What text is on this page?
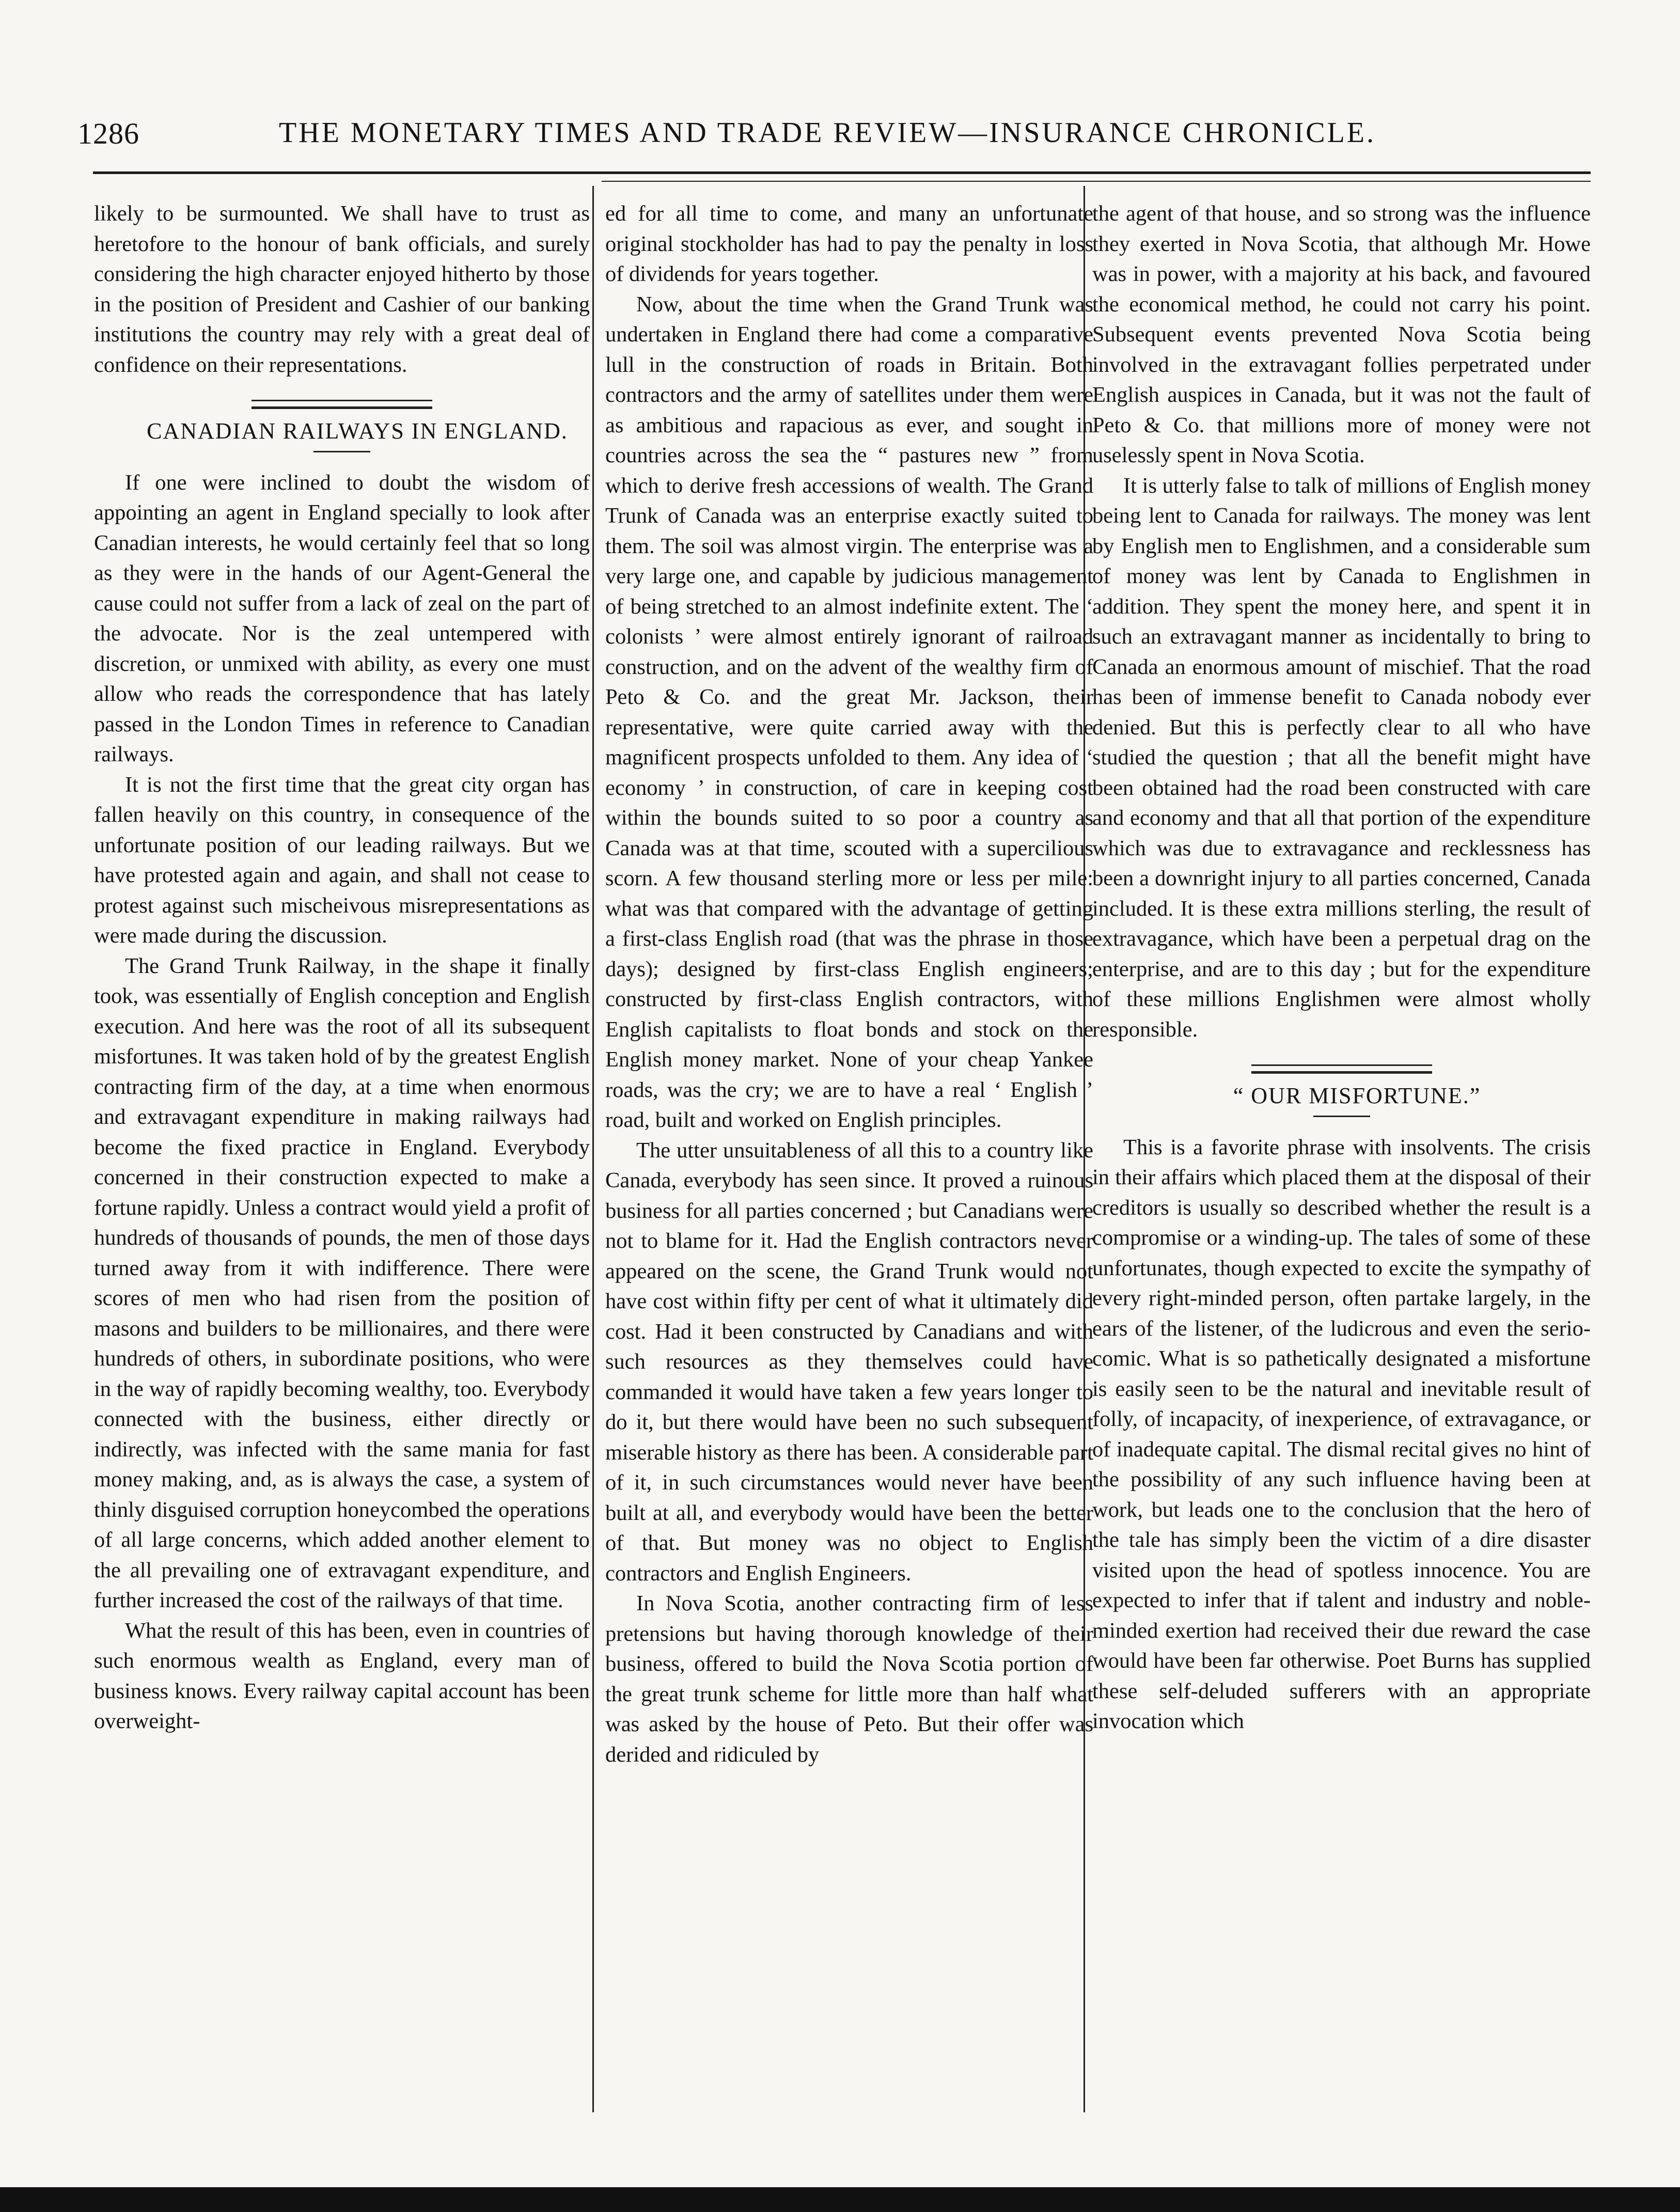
1286	THE MONETARY TIMES AND TRADE REVIEW—INSURANCE CHRONICLE.

likely to be surmounted. We shall have to trust as heretofore to the honour of bank officials, and surely considering the high character enjoyed hitherto by those in the position of President and Cashier of our banking institutions the country may rely with a great deal of confidence on their representations.

CANADIAN RAILWAYS IN ENGLAND.

If one were inclined to doubt the wisdom of appointing an agent in England specially to look after Canadian interests, he would certainly feel that so long as they were in the hands of our Agent-General the cause could not suffer from a lack of zeal on the part of the advocate. Nor is the zeal untempered with discretion, or unmixed with ability, as every one must allow who reads the correspondence that has lately passed in the London Times in reference to Canadian railways.

It is not the first time that the great city organ has fallen heavily on this country, in consequence of the unfortunate position of our leading railways. But we have protested again and again, and shall not cease to protest against such mischeivous misrepresentations as were made during the discussion.

The Grand Trunk Railway, in the shape it finally took, was essentially of English conception and English execution. And here was the root of all its subsequent misfortunes. It was taken hold of by the greatest English contracting firm of the day, at a time when enormous and extravagant expenditure in making railways had become the fixed practice in England. Everybody concerned in their construction expected to make a fortune rapidly. Unless a contract would yield a profit of hundreds of thousands of pounds, the men of those days turned away from it with indifference. There were scores of men who had risen from the position of masons and builders to be millionaires, and there were hundreds of others, in subordinate positions, who were in the way of rapidly becoming wealthy, too. Everybody connected with the business, either directly or indirectly, was infected with the same mania for fast money making, and, as is always the case, a system of thinly disguised corruption honeycombed the operations of all large concerns, which added another element to the all prevailing one of extravagant expenditure, and further increased the cost of the railways of that time.

What the result of this has been, even in countries of such enormous wealth as England, every man of business knows. Every railway capital account has been overweight-

ed for all time to come, and many an unfortunate original stockholder has had to pay the penalty in loss of dividends for years together.

Now, about the time when the Grand Trunk was undertaken in England there had come a comparative lull in the construction of roads in Britain. Both contractors and the army of satellites under them were as ambitious and rapacious as ever, and sought in countries across the sea the “ pastures new ” from which to derive fresh accessions of wealth. The Grand Trunk of Canada was an enterprise exactly suited to them. The soil was almost virgin. The enterprise was a very large one, and capable by judicious management of being stretched to an almost indefinite extent. The ‘ colonists ’ were almost entirely ignorant of railroad construction, and on the advent of the wealthy firm of Peto & Co. and the great Mr. Jackson, their representative, were quite carried away with the magnificent prospects unfolded to them. Any idea of ‘ economy ’ in construction, of care in keeping cost within the bounds suited to so poor a country as Canada was at that time, scouted with a supercilious scorn. A few thousand sterling more or less per mile: what was that compared with the advantage of getting a first-class English road (that was the phrase in those days); designed by first-class English engineers; constructed by first-class English contractors, with English capitalists to float bonds and stock on the English money market. None of your cheap Yankee roads, was the cry; we are to have a real ‘ English ’ road, built and worked on English principles.

The utter unsuitableness of all this to a country like Canada, everybody has seen since. It proved a ruinous business for all parties concerned ; but Canadians were not to blame for it. Had the English contractors never appeared on the scene, the Grand Trunk would not have cost within fifty per cent of what it ultimately did cost. Had it been constructed by Canadians and with such resources as they themselves could have commanded it would have taken a few years longer to do it, but there would have been no such subsequent miserable history as there has been. A considerable part of it, in such circumstances would never have been built at all, and everybody would have been the better of that. But money was no object to English contractors and English Engineers.

In Nova Scotia, another contracting firm of less pretensions but having thorough knowledge of their business, offered to build the Nova Scotia portion of the great trunk scheme for little more than half what was asked by the house of Peto. But their offer was derided and ridiculed by

the agent of that house, and so strong was the influence they exerted in Nova Scotia, that although Mr. Howe was in power, with a majority at his back, and favoured the economical method, he could not carry his point. Subsequent events prevented Nova Scotia being involved in the extravagant follies perpetrated under English auspices in Canada, but it was not the fault of Peto & Co. that millions more of money were not uselessly spent in Nova Scotia.

It is utterly false to talk of millions of English money being lent to Canada for railways. The money was lent by English men to Englishmen, and a considerable sum of money was lent by Canada to Englishmen in addition. They spent the money here, and spent it in such an extravagant manner as incidentally to bring to Canada an enormous amount of mischief. That the road has been of immense benefit to Canada nobody ever denied. But this is perfectly clear to all who have studied the question ; that all the benefit might have been obtained had the road been constructed with care and economy and that all that portion of the expenditure which was due to extravagance and recklessness has been a downright injury to all parties concerned, Canada included. It is these extra millions sterling, the result of extravagance, which have been a perpetual drag on the enterprise, and are to this day ; but for the expenditure of these millions Englishmen were almost wholly responsible.

“ OUR MISFORTUNE.”

This is a favorite phrase with insolvents. The crisis in their affairs which placed them at the disposal of their creditors is usually so described whether the result is a compromise or a winding-up. The tales of some of these unfortunates, though expected to excite the sympathy of every right-minded person, often partake largely, in the ears of the listener, of the ludicrous and even the serio-comic. What is so pathetically designated a misfortune is easily seen to be the natural and inevitable result of folly, of incapacity, of inexperience, of extravagance, or of inadequate capital. The dismal recital gives no hint of the possibility of any such influence having been at work, but leads one to the conclusion that the hero of the tale has simply been the victim of a dire disaster visited upon the head of spotless innocence. You are expected to infer that if talent and industry and noble-minded exertion had received their due reward the case would have been far otherwise. Poet Burns has supplied these self-deluded sufferers with an appropriate invocation which
